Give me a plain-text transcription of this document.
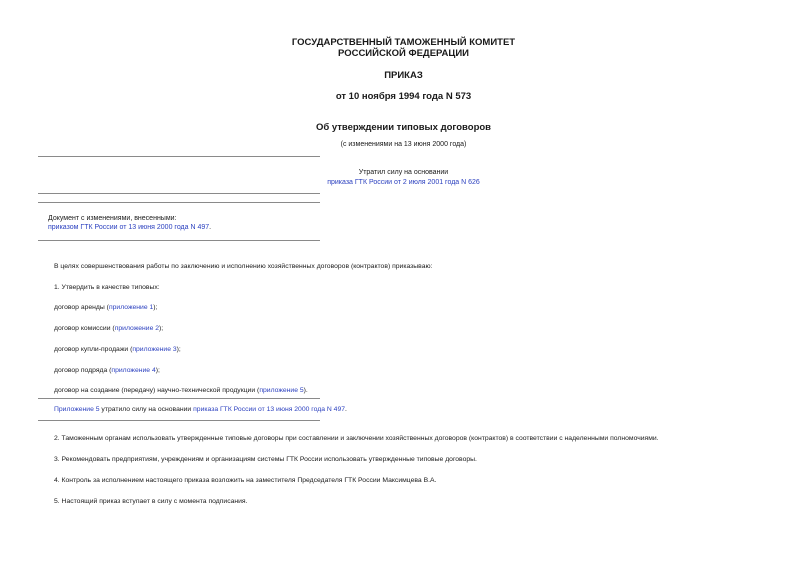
ГОСУДАРСТВЕННЫЙ ТАМОЖЕННЫЙ КОМИТЕТ
РОССИЙСКОЙ ФЕДЕРАЦИИ
ПРИКАЗ
от 10 ноября 1994 года N 573
Об утверждении типовых договоров
(с изменениями на 13 июня 2000 года)
Утратил силу на основании
приказа ГТК России от 2 июля 2001 года N 626
Документ с изменениями, внесенными:
приказом ГТК России от 13 июня 2000 года N 497.
В целях совершенствования работы по заключению и исполнению хозяйственных договоров (контрактов) приказываю:
1. Утвердить в качестве типовых:
договор аренды (приложение 1);
договор комиссии (приложение 2);
договор купли-продажи (приложение 3);
договор подряда (приложение 4);
договор на создание (передачу) научно-технической продукции (приложение 5).
Приложение 5 утратило силу на основании приказа ГТК России от 13 июня 2000 года N 497.
2. Таможенным органам использовать утвержденные типовые договоры при составлении и заключении хозяйственных договоров (контрактов) в соответствии с наделенными полномочиями.
3. Рекомендовать предприятиям, учреждениям и организациям системы ГТК России использовать утвержденные типовые договоры.
4. Контроль за исполнением настоящего приказа возложить на заместителя Председателя ГТК России Максимцева В.А.
5. Настоящий приказ вступает в силу с момента подписания.
